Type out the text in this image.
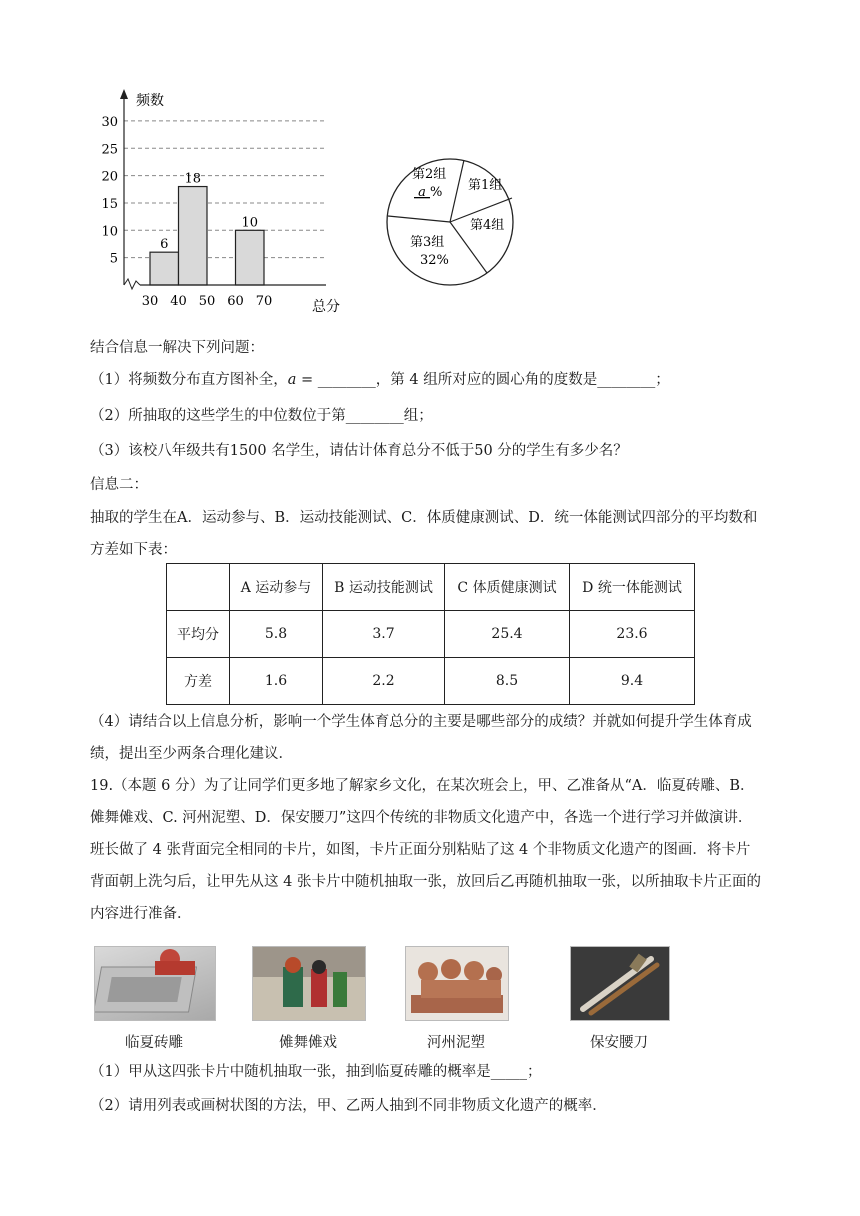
5
10
15
20
25
30
30 40 50 60 70
6
18
10
频数
总分
第2组
a % 第1组
第4组
第3组
32%
结合信息一解决下列问题：
（1）将频数分布直方图补全，a = ________，第 4 组所对应的圆心角的度数是________；
（2）所抽取的这些学生的中位数位于第________组；
（3）该校八年级共有1500 名学生，请估计体育总分不低于50 分的学生有多少名？
信息二：
抽取的学生在A．运动参与、B．运动技能测试、C．体质健康测试、D．统一体能测试四部分的平均数和方差如下表：
	A 运动参与	B 运动技能测试	C 体质健康测试	D 统一体能测试
平均分	5.8	3.7	25.4	23.6
方差	1.6	2.2	8.5	9.4
（4）请结合以上信息分析，影响一个学生体育总分的主要是哪些部分的成绩？并就如何提升学生体育成绩，提出至少两条合理化建议．
19.（本题 6 分）为了让同学们更多地了解家乡文化，在某次班会上，甲、乙准备从“A．临夏砖雕、B．傩舞傩戏、C. 河州泥塑、D．保安腰刀”这四个传统的非物质文化遗产中，各选一个进行学习并做演讲．班长做了 4 张背面完全相同的卡片，如图，卡片正面分别粘贴了这 4 个非物质文化遗产的图画．将卡片背面朝上洗匀后，让甲先从这 4 张卡片中随机抽取一张，放回后乙再随机抽取一张，以所抽取卡片正面的内容进行准备．
临夏砖雕	傩舞傩戏	河州泥塑	保安腰刀
（1）甲从这四张卡片中随机抽取一张，抽到临夏砖雕的概率是_____；
（2）请用列表或画树状图的方法，甲、乙两人抽到不同非物质文化遗产的概率．
